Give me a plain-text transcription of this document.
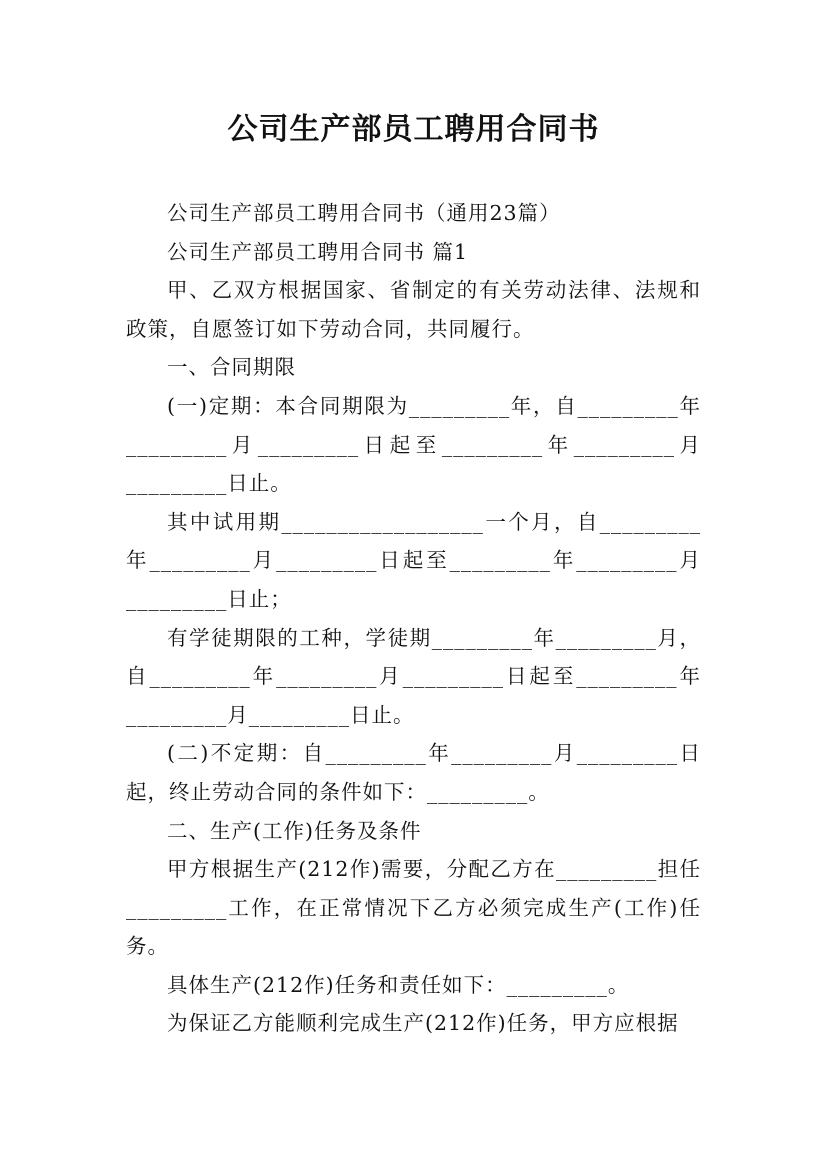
公司生产部员工聘用合同书

公司生产部员工聘用合同书（通用23篇）

公司生产部员工聘用合同书 篇1

甲、乙双方根据国家、省制定的有关劳动法律、法规和政策，自愿签订如下劳动合同，共同履行。

一、合同期限

(一)定期：本合同期限为_________年，自_________年_________月_________日起至_________年_________月_________日止。

其中试用期__________________一个月，自_________年_________月_________日起至_________年_________月_________日止；

有学徒期限的工种，学徒期_________年_________月，自_________年_________月_________日起至_________年_________月_________日止。

(二)不定期：自_________年_________月_________日起，终止劳动合同的条件如下：_________。

二、生产(工作)任务及条件

甲方根据生产(212作)需要，分配乙方在_________担任_________工作，在正常情况下乙方必须完成生产(工作)任务。

具体生产(212作)任务和责任如下：_________。

为保证乙方能顺利完成生产(212作)任务，甲方应根据
